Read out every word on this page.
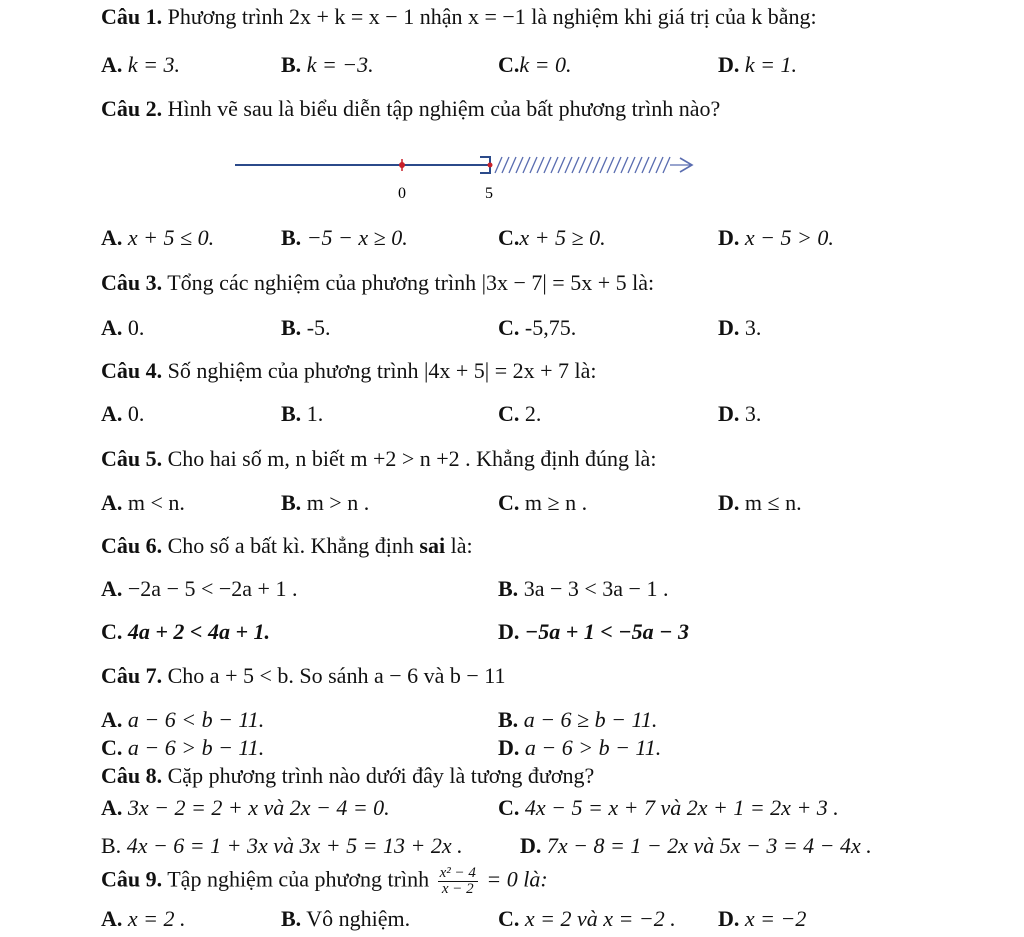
Câu 1. Phương trình 2x + k = x − 1 nhận x = −1 là nghiệm khi giá trị của k bằng:
A. k = 3.	B. k = −3.	C.k = 0.	D. k = 1.
Câu 2. Hình vẽ sau là biểu diễn tập nghiệm của bất phương trình nào?
0	5
A. x + 5 ≤ 0.	B. −5 − x ≥ 0.	C.x + 5 ≥ 0.	D. x − 5 > 0.
Câu 3. Tổng các nghiệm của phương trình |3x − 7| = 5x + 5 là:
A. 0.	B. -5.	C. -5,75.	D. 3.
Câu 4. Số nghiệm của phương trình |4x + 5| = 2x + 7 là:
A. 0.	B. 1.	C. 2.	D. 3.
Câu 5. Cho hai số m, n biết m +2 > n +2 . Khẳng định đúng là:
A. m < n.	B. m > n .	C. m ≥ n .	D. m ≤ n.
Câu 6. Cho số a bất kì. Khẳng định sai là:
A. −2a − 5 < −2a + 1 .	B. 3a − 3 < 3a − 1 .
C. 4a + 2 < 4a + 1.	D. −5a + 1 < −5a − 3
Câu 7. Cho a + 5 < b. So sánh a − 6 và b − 11
A. a − 6 < b − 11.	B. a − 6 ≥ b − 11.
C. a − 6 > b − 11.	D. a − 6 > b − 11.
Câu 8. Cặp phương trình nào dưới đây là tương đương?
A. 3x − 2 = 2 + x và 2x − 4 = 0.	C. 4x − 5 = x + 7 và 2x + 1 = 2x + 3 .
B. 4x − 6 = 1 + 3x và 3x + 5 = 13 + 2x .	D. 7x − 8 = 1 − 2x và 5x − 3 = 4 − 4x .
Câu 9. Tập nghiệm của phương trình $\frac{\text{x² − 4}}{x - 2} = 0$ là:
A. x = 2 .	B. Vô nghiệm.	C. x = 2 và x = −2 . D. x = −2
